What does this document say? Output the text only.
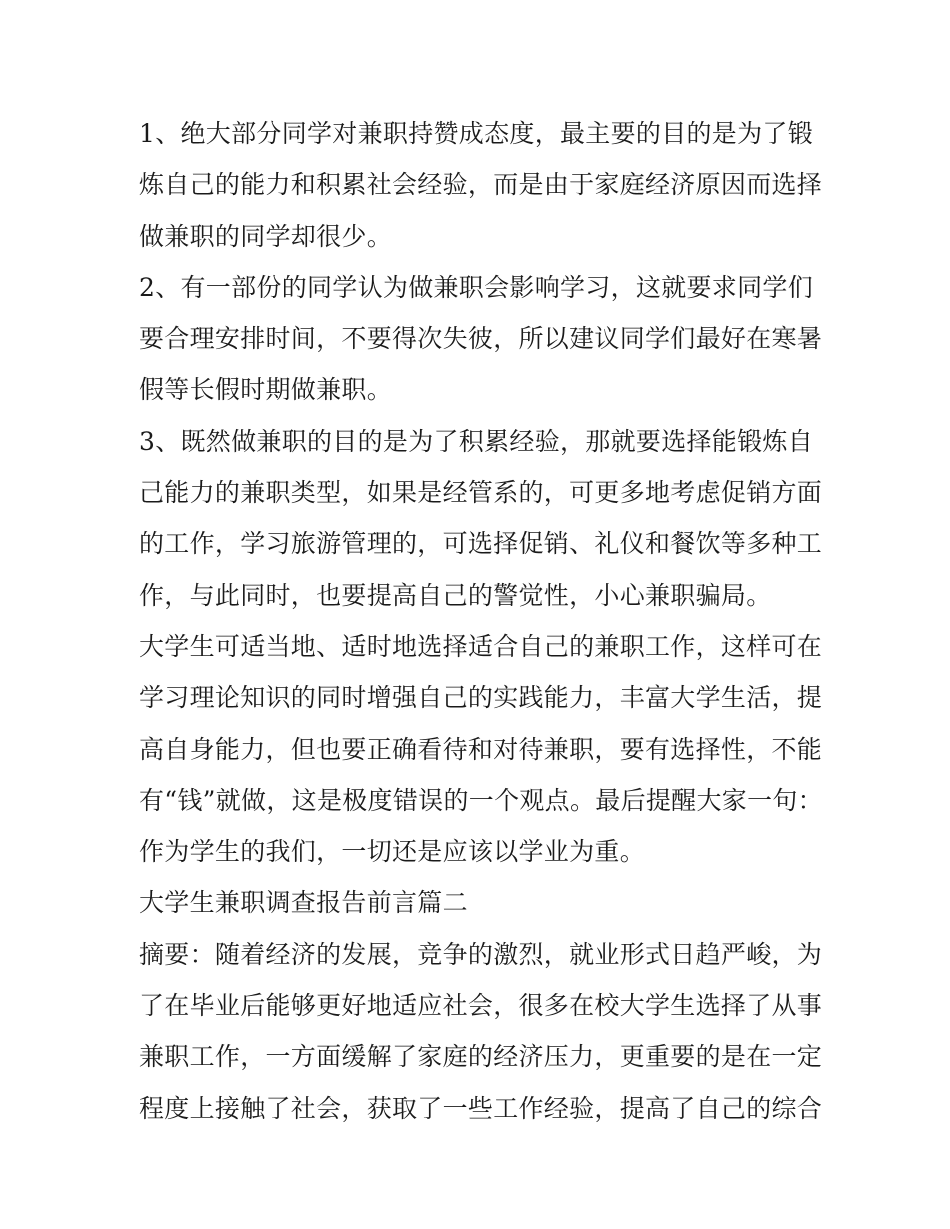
1、绝大部分同学对兼职持赞成态度，最主要的目的是为了锻
炼自己的能力和积累社会经验，而是由于家庭经济原因而选择
做兼职的同学却很少。
2、有一部份的同学认为做兼职会影响学习，这就要求同学们
要合理安排时间，不要得次失彼，所以建议同学们最好在寒暑
假等长假时期做兼职。
3、既然做兼职的目的是为了积累经验，那就要选择能锻炼自
己能力的兼职类型，如果是经管系的，可更多地考虑促销方面
的工作，学习旅游管理的，可选择促销、礼仪和餐饮等多种工
作，与此同时，也要提高自己的警觉性，小心兼职骗局。
大学生可适当地、适时地选择适合自己的兼职工作，这样可在
学习理论知识的同时增强自己的实践能力，丰富大学生活，提
高自身能力，但也要正确看待和对待兼职，要有选择性，不能
有“钱”就做，这是极度错误的一个观点。最后提醒大家一句：
作为学生的我们，一切还是应该以学业为重。
大学生兼职调查报告前言篇二
摘要：随着经济的发展，竞争的激烈，就业形式日趋严峻，为
了在毕业后能够更好地适应社会，很多在校大学生选择了从事
兼职工作，一方面缓解了家庭的经济压力，更重要的是在一定
程度上接触了社会，获取了一些工作经验，提高了自己的综合
